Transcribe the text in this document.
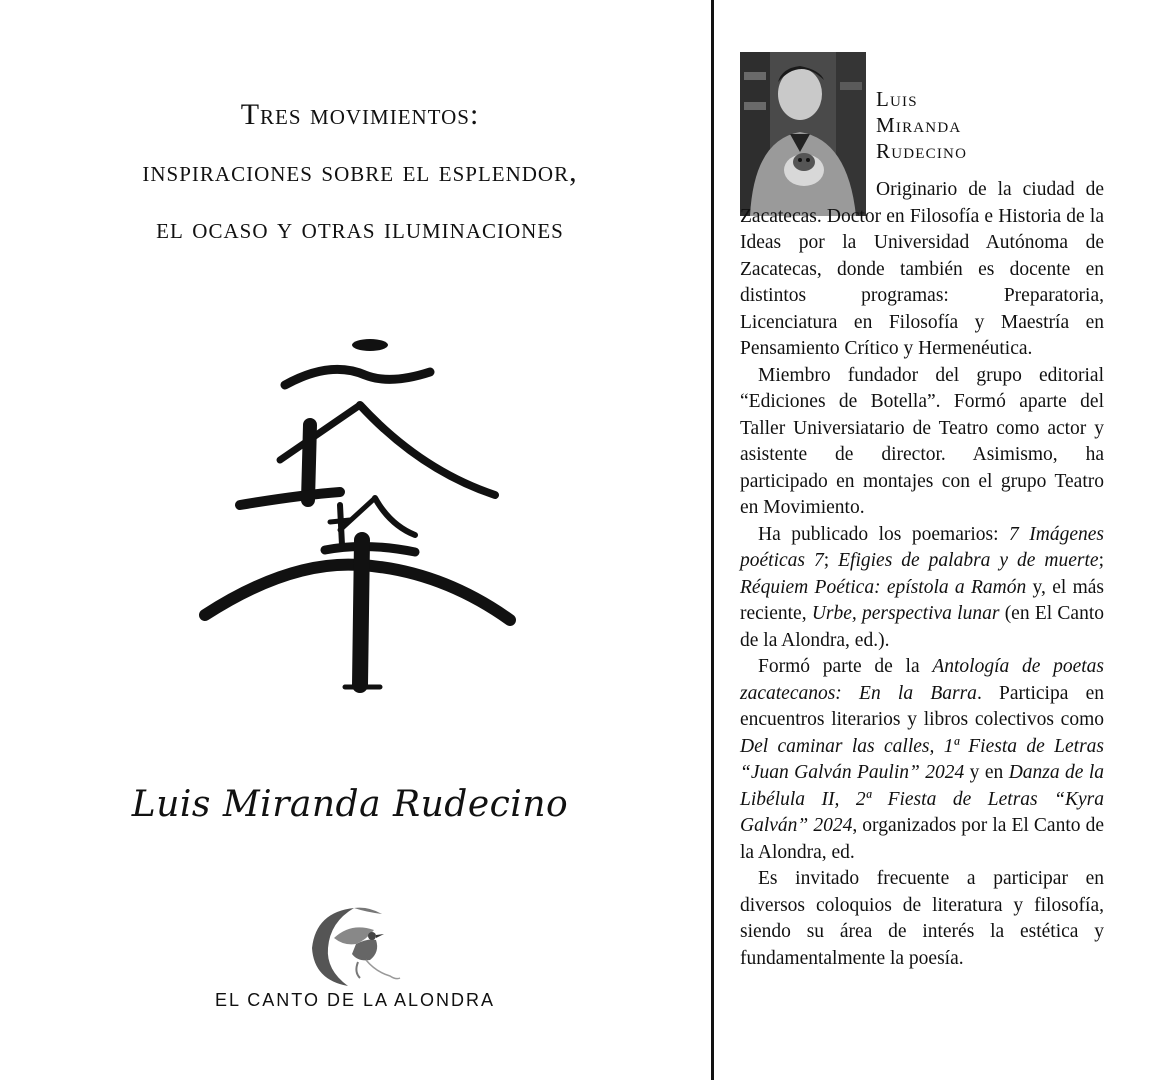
Tres movimientos:
inspiraciones sobre el esplendor,
el ocaso y otras iluminaciones
Luis Miranda Rudecino
EL CANTO DE LA ALONDRA
Luis
Miranda
Rudecino

Originario de la ciudad de Zacatecas. Doctor en Filosofía e Historia de la Ideas por la Universidad Autónoma de Zacatecas, donde también es docente en distintos programas: Preparatoria, Licenciatura en Filosofía y Maestría en Pensamiento Crítico y Hermenéutica.

Miembro fundador del grupo editorial “Ediciones de Botella”. Formó aparte del Taller Universiatario de Teatro como actor y asistente de director. Asimismo, ha participado en montajes con el grupo Teatro en Movimiento.

Ha publicado los poemarios: 7 Imágenes poéticas 7; Efigies de palabra y de muerte; Réquiem Poética: epístola a Ramón y, el más reciente, Urbe, perspectiva lunar (en El Canto de la Alondra, ed.).

Formó parte de la Antología de poetas zacatecanos: En la Barra. Participa en encuentros literarios y libros colectivos como Del caminar las calles, 1ª Fiesta de Letras “Juan Galván Paulin” 2024 y en Danza de la Libélula II, 2ª Fiesta de Letras “Kyra Galván” 2024, organizados por la El Canto de la Alondra, ed.

Es invitado frecuente a participar en diversos coloquios de literatura y filosofía, siendo su área de interés la estética y fundamentalmente la poesía.
